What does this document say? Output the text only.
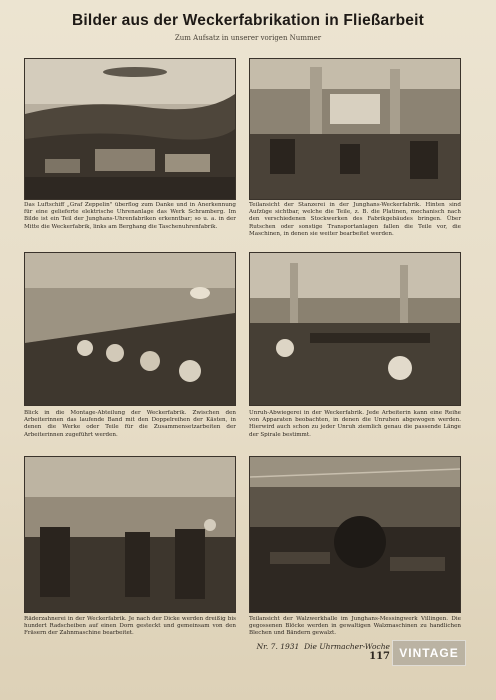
Bilder aus der Weckerfabrikation in Fließarbeit
Zum Aufsatz in unserer vorigen Nummer
Das Luftschiff „Graf Zeppelin" überflog zum Danke und in Anerkennung für eine gelieferte elektrische Uhrenanlage das Werk Schramberg. Im Bilde ist ein Teil der Junghans-Uhrenfabriken erkenntbar; so u. a. in der Mitte die Weckerfabrik, links am Berghang die Taschenuhrenfabrik.
Teilansicht der Stanzerei in der Junghans-Weckerfabrik. Hinten sind Aufzüge sichtbar, welche die Teile, z. B. die Platinen, mechanisch nach den verschiedenen Stockwerken des Fabrikgebäudes bringen. Über Rutschen oder sonstige Transportanlagen fallen die Teile vor, die Maschinen, in denen sie weiter bearbeitet werden.
Blick in die Montage-Abteilung der Weckerfabrik. Zwischen den Arbeiterinnen das laufende Band mit den Doppelreihen der Kästen, in denen die Werke oder Teile für die Zusammensetzarbeiten der Arbeiterinnen zugeführt werden.
Unruh-Abwiegerei in der Weckerfabrik. Jede Arbeiterin kann eine Reihe von Apparaten beobachten, in denen die Unruhen abgewogen werden. Hierwird auch schon zu jeder Unruh ziemlich genau die passende Länge der Spirale bestimmt.
Räderzahnerei in der Weckerfabrik. Je nach der Dicke werden dreißig bis hundert Radscheiben auf einen Dorn gesteckt und gemeinsam von den Fräsern der Zahnmaschine bearbeitet.
Teilansicht der Walzwerkhalle im Junghans-Messingwerk Villingen. Die gegossenen Blöcke werden in gewaltigen Walzmaschinen zu handlichen Blechen und Bändern gewalzt.
Nr. 7. 1931 Die Uhrmacher-Woche 117 VINTAGE
